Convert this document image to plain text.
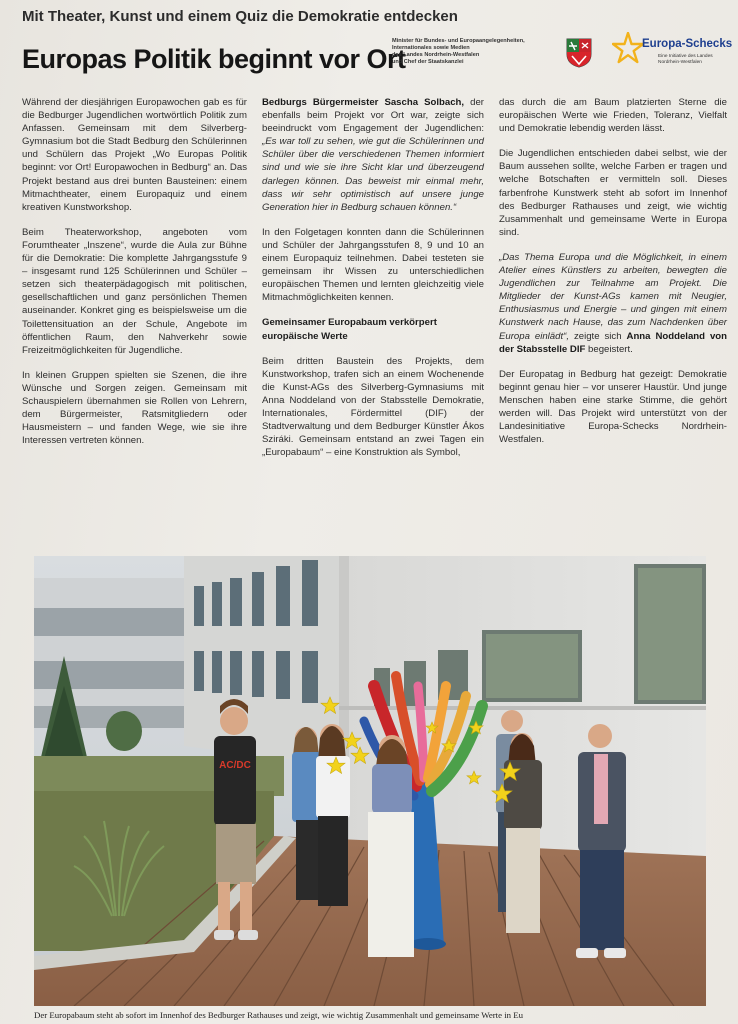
Mit Theater, Kunst und einem Quiz die Demokratie entdecken
Europas Politik beginnt vor Ort
Minister für Bundes- und Europaangelegenheiten,
Internationales sowie Medien
des Landes Nordrhein-Westfalen
und Chef der Staatskanzlei
Europa-Schecks
Eine Initiative des Landes
Nordrhein-Westfalen

Während der diesjährigen Europawochen gab es für die Bedburger Jugendlichen wortwörtlich Politik zum Anfassen. Gemeinsam mit dem Silverberg-Gymnasium bot die Stadt Bedburg den Schülerinnen und Schülern das Projekt „Wo Europas Politik beginnt: vor Ort! Europawochen in Bedburg“ an. Das Projekt bestand aus drei bunten Bausteinen: einem Mitmachtheater, einem Europaquiz und einem kreativen Kunstworkshop.

Beim Theaterworkshop, angeboten vom Forumtheater „Inszene“, wurde die Aula zur Bühne für die Demokratie: Die komplette Jahrgangsstufe 9 – insgesamt rund 125 Schülerinnen und Schüler – setzen sich theaterpädagogisch mit politischen, gesellschaftlichen und ganz persönlichen Themen auseinander. Konkret ging es beispielsweise um die Toilettensituation an der Schule, Angebote im öffentlichen Raum, den Nahverkehr sowie Freizeitmöglichkeiten für Jugendliche.

In kleinen Gruppen spielten sie Szenen, die ihre Wünsche und Sorgen zeigen. Gemeinsam mit Schauspielern übernahmen sie Rollen von Lehrern, dem Bürgermeister, Ratsmitgliedern oder Hausmeistern – und fanden Wege, wie sie ihre Interessen vertreten können.

Bedburgs Bürgermeister Sascha Solbach, der ebenfalls beim Projekt vor Ort war, zeigte sich beeindruckt vom Engagement der Jugendlichen: „Es war toll zu sehen, wie gut die Schülerinnen und Schüler über die verschiedenen Themen informiert sind und wie sie ihre Sicht klar und überzeugend darlegen können. Das beweist mir einmal mehr, dass wir sehr optimistisch auf unsere junge Generation hier in Bedburg schauen können.“

In den Folgetagen konnten dann die Schülerinnen und Schüler der Jahrgangsstufen 8, 9 und 10 an einem Europaquiz teilnehmen. Dabei testeten sie gemeinsam ihr Wissen zu unterschiedlichen europäischen Themen und lernten gleichzeitig viele Mitmachmöglichkeiten kennen.

Gemeinsamer Europabaum verkörpert europäische Werte

Beim dritten Baustein des Projekts, dem Kunstworkshop, trafen sich an einem Wochenende die Kunst-AGs des Silverberg-Gymnasiums mit Anna Noddeland von der Stabsstelle Demokratie, Internationales, Fördermittel (DIF) der Stadtverwaltung und dem Bedburger Künstler Ákos Sziráki. Gemeinsam entstand an zwei Tagen ein „Europabaum“ – eine Konstruktion als Symbol,

das durch die am Baum platzierten Sterne die europäischen Werte wie Frieden, Toleranz, Vielfalt und Demokratie lebendig werden lässt.

Die Jugendlichen entschieden dabei selbst, wie der Baum aussehen sollte, welche Farben er tragen und welche Botschaften er vermitteln soll. Dieses farbenfrohe Kunstwerk steht ab sofort im Innenhof des Bedburger Rathauses und zeigt, wie wichtig Zusammenhalt und gemeinsame Werte in Europa sind.

„Das Thema Europa und die Möglichkeit, in einem Atelier eines Künstlers zu arbeiten, bewegten die Jugendlichen zur Teilnahme am Projekt. Die Mitglieder der Kunst-AGs kamen mit Neugier, Enthusiasmus und Energie – und gingen mit einem Kunstwerk nach Hause, das zum Nachdenken über Europa einlädt“, zeigte sich Anna Noddeland von der Stabsstelle DIF begeistert.

Der Europatag in Bedburg hat gezeigt: Demokratie beginnt genau hier – vor unserer Haustür. Und junge Menschen haben eine starke Stimme, die gehört werden will. Das Projekt wird unterstützt von der Landesinitiative Europa-Schecks Nordrhein-Westfalen.

AC/DC
Der Europabaum steht ab sofort im Innenhof des Bedburger Rathauses und zeigt, wie wichtig Zusammenhalt und gemeinsame Werte in Eu
